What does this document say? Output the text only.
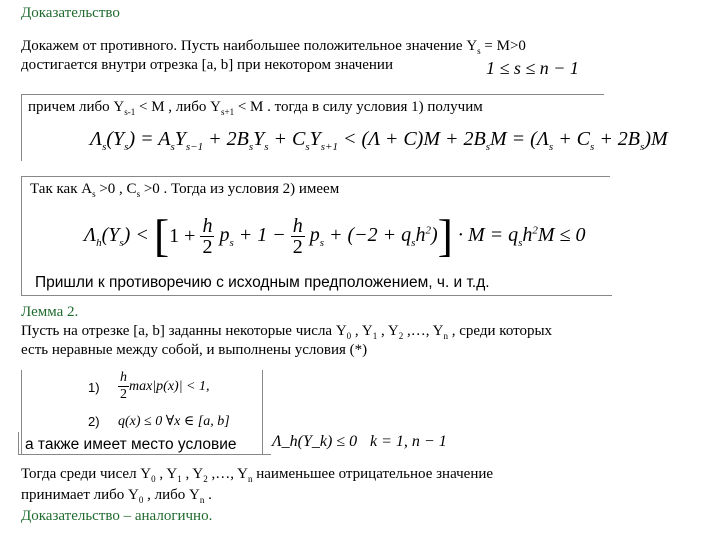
Доказательство
Докажем от противного. Пусть наибольшее положительное значение $Y_s = M>0$
достигается внутри отрезка [a, b] при некотором значении	1 ≤ s ≤ n − 1
причем либо $Y_{s-1} < M$ , либо $Y_{s+1} < M$ . тогда в силу условия 1) получим
$\Lambda_s(Y_s) = A_sY_{s-1} + 2B_sY_s + C_sY_{s+1} < (\Lambda + C)M + 2B_sM = (\Lambda_s + C_s + 2B_s)M$
Так как $A_s >0$ , $C_s >0$ . Тогда из условия 2) имеем
$\Lambda_h(Y_s)$ < [ $1 + \frac{h}{2} p_s + 1 - \frac{h}{2} p_s + (-2 + q_sh^2)$ ] · $M = q_sh^2M \le 0$
Пришли к противоречию с исходным предположением, ч. и т.д.
Лемма 2.
Пусть на отрезке [a, b] заданны некоторые числа $Y_0$ , $Y_1$ , $Y_2$ ,…, $Y_n$ , среди которых
есть неравные между собой, и выполнены условия (*)
$1) \frac{h}{2} \max|p(x)| < 1$,
2) q(x) ≤ 0 ∀x ∈ [a, b]
а также имеет место условие Λ_h(Y_k) ≤ 0 k = 1, n − 1
Тогда среди чисел $Y_0$ , $Y_1$ , $Y_2$ ,…, $Y_n$ наименьшее отрицательное значение
принимает либо $Y_0$ , либо $Y_n$ .
Доказательство – аналогично.
